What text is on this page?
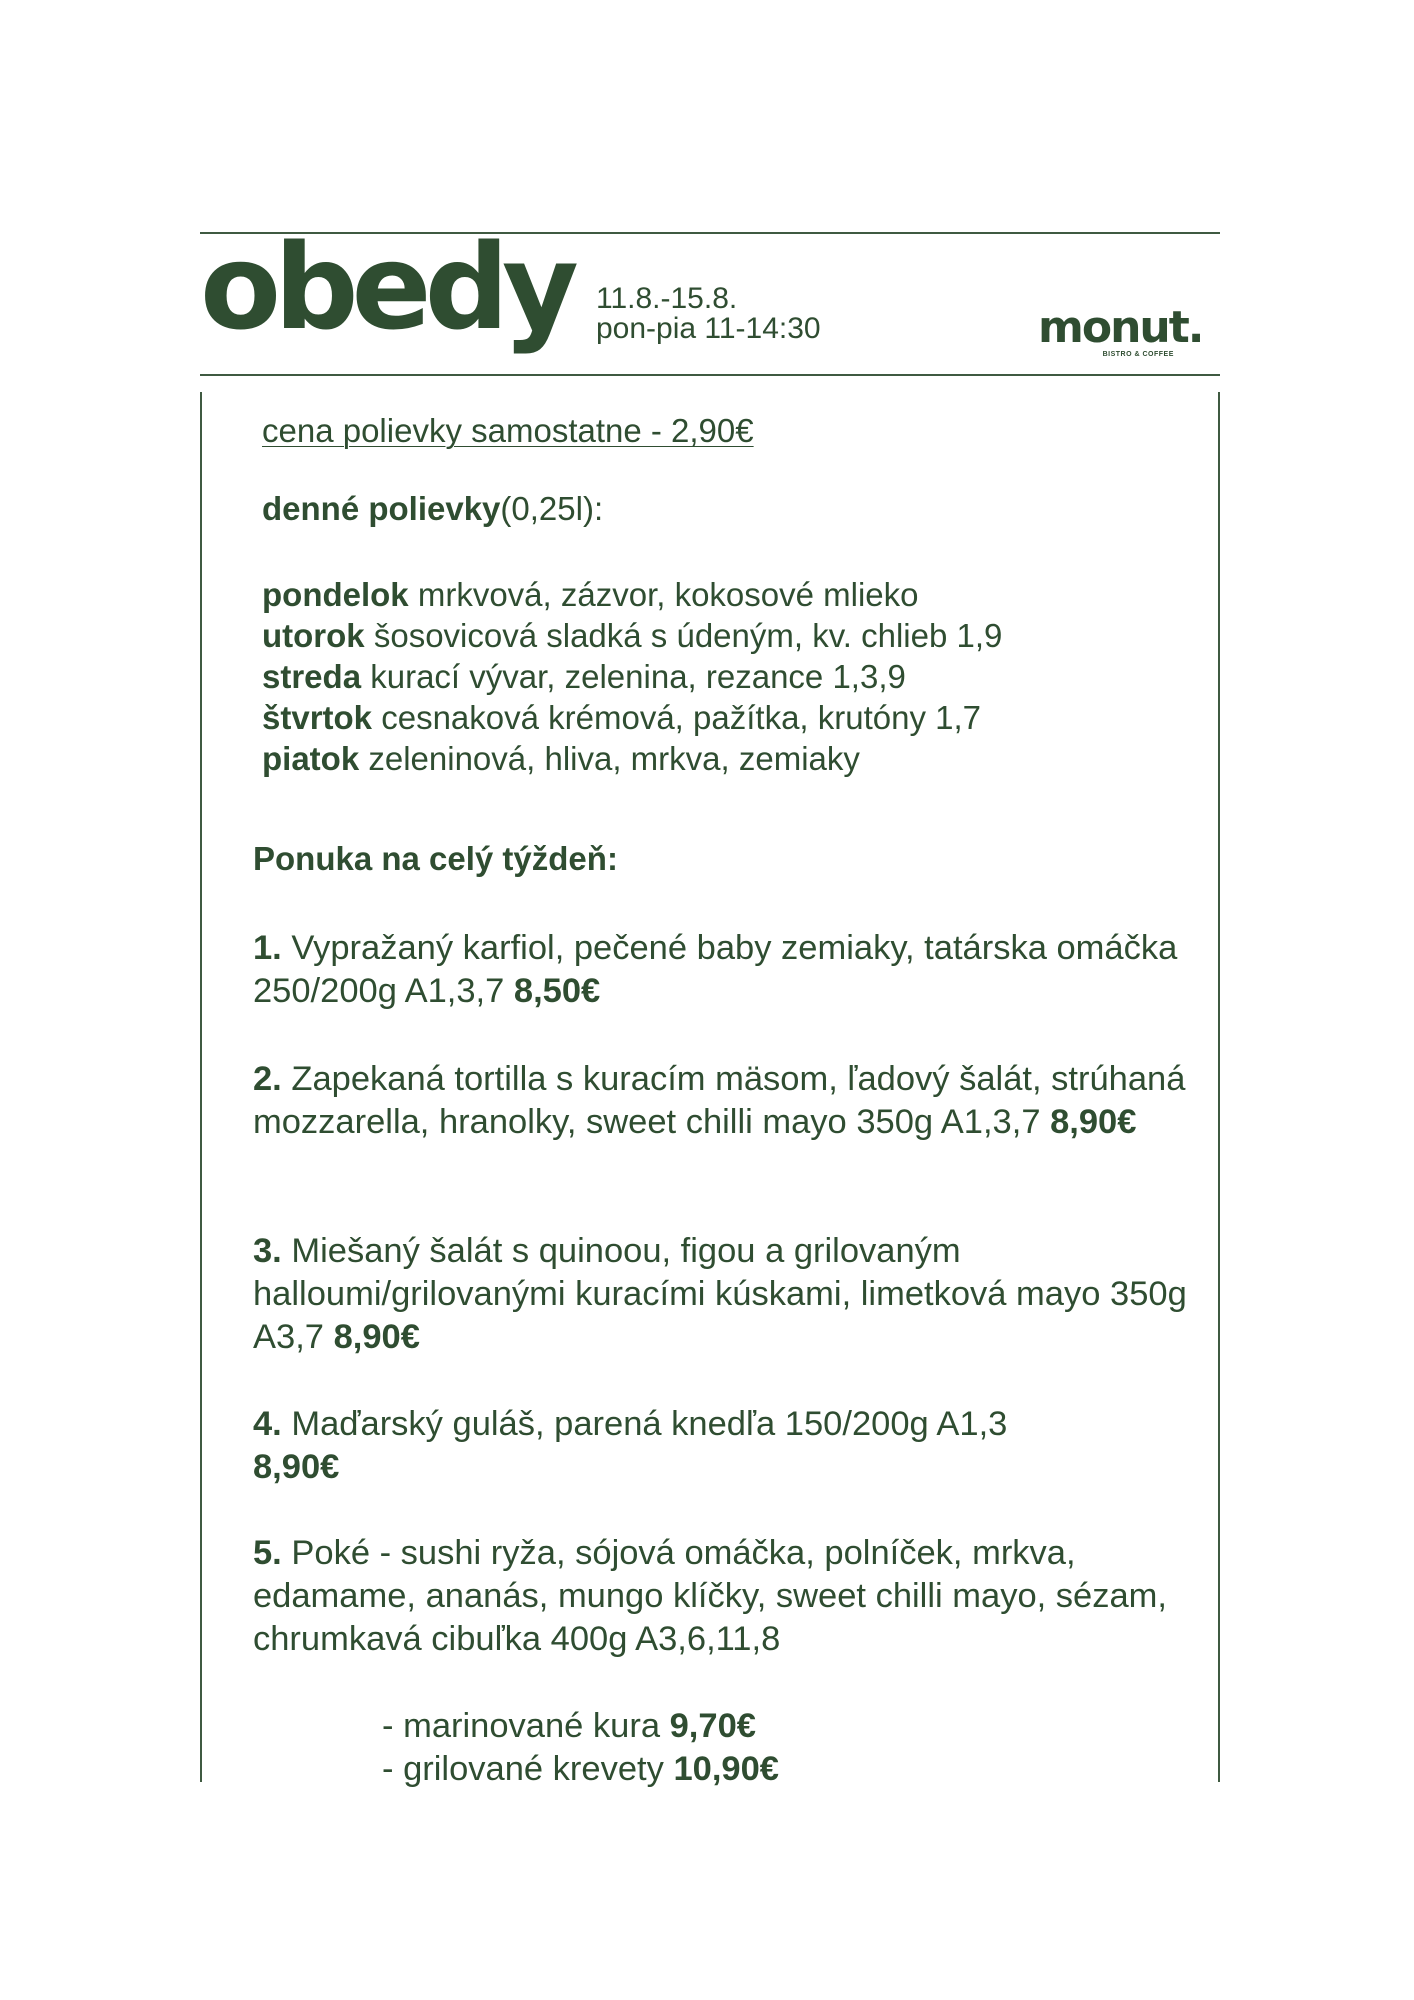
obedy 11.8.-15.8.
pon-pia 11-14:30	monut.
BISTRO & COFFEE
cena polievky samostatne - 2,90€
denné polievky(0,25l):
pondelok mrkvová, zázvor, kokosové mlieko
utorok šosovicová sladká s údeným, kv. chlieb 1,9
streda kurací vývar, zelenina, rezance 1,3,9
štvrtok cesnaková krémová, pažítka, krutóny 1,7
piatok zeleninová, hliva, mrkva, zemiaky
Ponuka na celý týždeň:
1. Vypražaný karfiol, pečené baby zemiaky, tatárska omáčka 250/200g A1,3,7 8,50€
2. Zapekaná tortilla s kuracím mäsom, ľadový šalát, strúhaná mozzarella, hranolky, sweet chilli mayo 350g A1,3,7 8,90€
3. Miešaný šalát s quinoou, figou a grilovaným halloumi/grilovanými kuracími kúskami, limetková mayo 350g A3,7 8,90€
4. Maďarský guláš, parená knedľa 150/200g A1,3
8,90€
5. Poké - sushi ryža, sójová omáčka, polníček, mrkva, edamame, ananás, mungo klíčky, sweet chilli mayo, sézam, chrumkavá cibuľka 400g A3,6,11,8
- marinované kura 9,70€
- grilované krevety 10,90€
